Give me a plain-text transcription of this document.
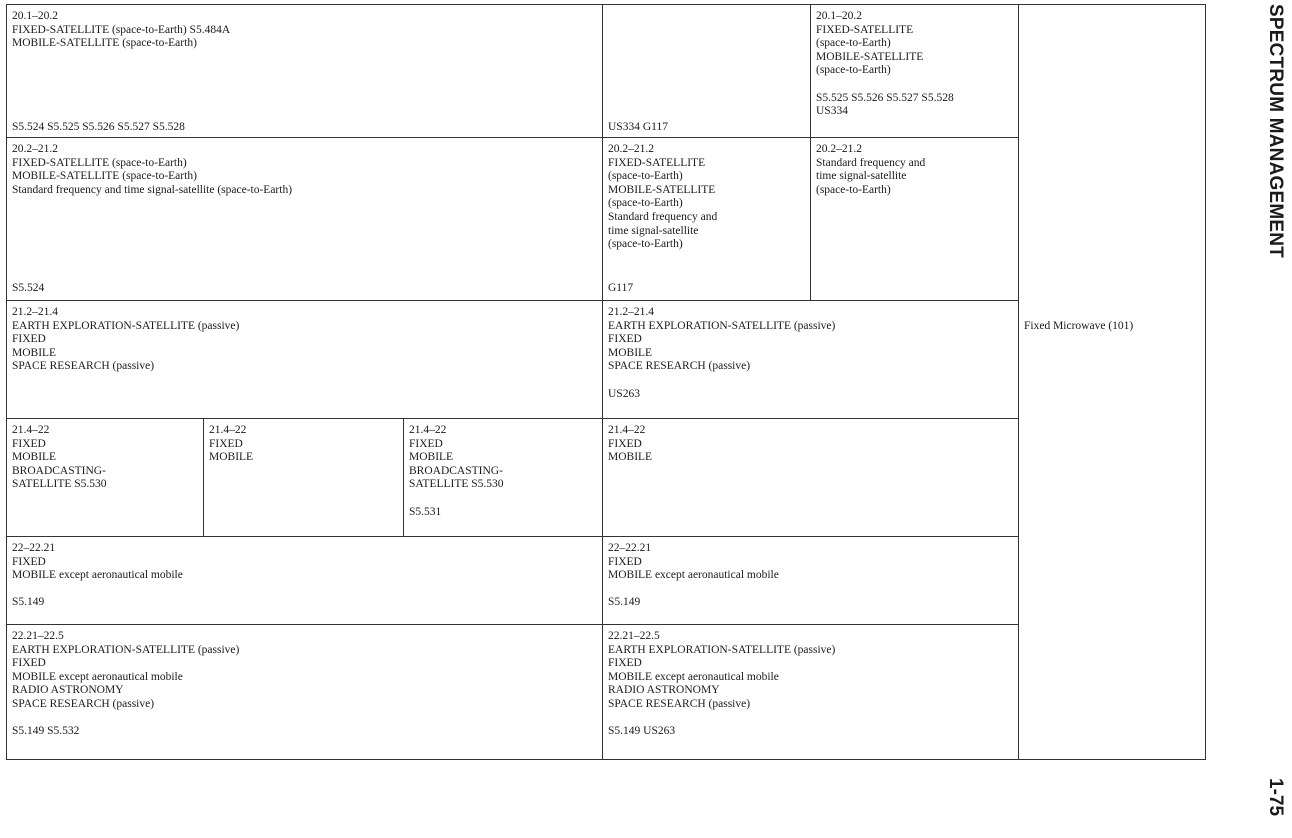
20.1–20.2
FIXED-SATELLITE (space-to-Earth) S5.484A
MOBILE-SATELLITE (space-to-Earth)
S5.524 S5.525 S5.526 S5.527 S5.528	US334 G117
20.1–20.2
FIXED-SATELLITE
(space-to-Earth)
MOBILE-SATELLITE
(space-to-Earth)

S5.525 S5.526 S5.527 S5.528
US334
20.2–21.2
FIXED-SATELLITE (space-to-Earth)
MOBILE-SATELLITE (space-to-Earth)
Standard frequency and time signal-satellite (space-to-Earth)
S5.524
20.2–21.2
FIXED-SATELLITE
(space-to-Earth)
MOBILE-SATELLITE
(space-to-Earth)
Standard frequency and
time signal-satellite
(space-to-Earth)
G117
20.2–21.2
Standard frequency and
time signal-satellite
(space-to-Earth)
21.2–21.4
EARTH EXPLORATION-SATELLITE (passive)
FIXED
MOBILE
SPACE RESEARCH (passive)
21.2–21.4
EARTH EXPLORATION-SATELLITE (passive)
FIXED
MOBILE
SPACE RESEARCH (passive)

US263
Fixed Microwave (101)
21.4–22
FIXED
MOBILE
BROADCASTING-
SATELLITE S5.530
21.4–22
FIXED
MOBILE
21.4–22
FIXED
MOBILE
BROADCASTING-
SATELLITE S5.530

S5.531
21.4–22
FIXED
MOBILE
22–22.21
FIXED
MOBILE except aeronautical mobile

S5.149
22–22.21
FIXED
MOBILE except aeronautical mobile

S5.149
22.21–22.5
EARTH EXPLORATION-SATELLITE (passive)
FIXED
MOBILE except aeronautical mobile
RADIO ASTRONOMY
SPACE RESEARCH (passive)

S5.149 S5.532
22.21–22.5
EARTH EXPLORATION-SATELLITE (passive)
FIXED
MOBILE except aeronautical mobile
RADIO ASTRONOMY
SPACE RESEARCH (passive)

S5.149 US263
SPECTRUM MANAGEMENT
1-75
